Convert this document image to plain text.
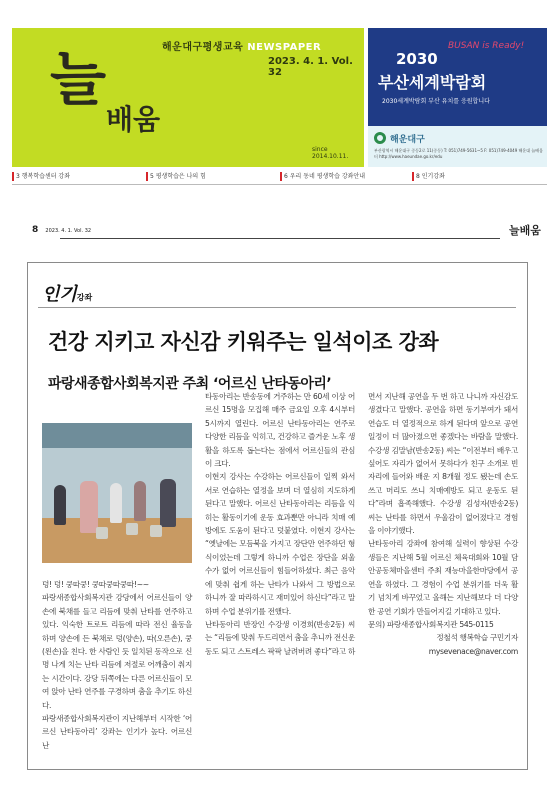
해운대구평생교육 NEWSPAPER
2023. 4. 1. Vol. 32
늘
배움
since 2014.10.11.
2030
BUSAN is Ready!
부산세계박람회
2030세계박람회 부산 유치를 응원합니다
해운대구
부산광역시 해운대구 중동2로 11(중동) T: 051)749-5631~5 F: 051)749-4049 해운대 늘배움터 http://www.haeundae.go.kr/edu
3 행복학습센터 강좌	5 평생학습은 나의 힘	6 우리 동네 평생학습 강좌안내	8 인기강좌
8 2023. 4. 1. Vol. 32	늘배움
인기강좌
건강 지키고 자신감 키워주는 일석이조 강좌
파랑새종합사회복지관 주최 ‘어르신 난타동아리’

덩! 덩! 쿵따쿵! 쿵따쿵따쿵따!~~

파랑새종합사회복지관 강당에서 어르신들이 양손에 북채를 들고 리듬에 맞춰 난타를 연주하고 있다. 익숙한 트로트 리듬에 따라 전신 율동을 하며 양손에 든 북채로 덩(양손), 따(오른손), 쿵(왼손)을 친다. 한 사람인 듯 일치된 동작으로 신명 나게 치는 난타 리듬에 저절로 어깨춤이 춰지는 시간이다. 강당 뒤쪽에는 다른 어르신들이 모여 앉아 난타 연주를 구경하며 춤을 추기도 하신다.

파랑새종합사회복지관이 지난해부터 시작한 ‘어르신 난타동아리’ 강좌는 인기가 높다. 어르신 난

타동아리는 반송동에 거주하는 만 60세 이상 어르신 15명을 모집해 매주 금요일 오후 4시부터 5시까지 열린다. 어르신 난타동아리는 연주로 다양한 리듬을 익히고, 건강하고 즐거운 노후 생활을 하도록 돕는다는 점에서 어르신들의 관심이 크다.

이현지 강사는 수강하는 어르신들이 일찍 와서 서로 연습하는 열정을 보며 더 열심히 지도하게 된다고 말했다. 어르신 난타동아리는 리듬을 익히는 활동이기에 운동 효과뿐만 아니라 치매 예방에도 도움이 된다고 덧붙였다. 이현지 강사는 “옛날에는 모듬북을 가지고 장단만 연주하던 형식이었는데 그렇게 하니까 수업은 장단을 외울 수가 없어 어르신들이 힘들어하셨다. 최근 음악에 맞춰 쉽게 하는 난타가 나와서 그 방법으로 하니까 잘 따라하시고 재미있어 하신다”라고 말하며 수업 분위기를 전했다.

난타동아리 반장인 수강생 이경희(반송2동) 씨는 “리듬에 맞춰 두드리면서 춤을 추니까 전신운동도 되고 스트레스 팍팍 날려버려 좋다”라고 하

면서 지난해 공연을 두 번 하고 나니까 자신감도 생겼다고 말했다. 공연을 하면 동기부여가 돼서 연습도 더 열정적으로 하게 된다며 앞으로 공연 일정이 더 많아졌으면 좋겠다는 바람을 말했다. 수강생 김말남(반송2동) 씨는 “이전부터 배우고 싶어도 자리가 없어서 못하다가 친구 소개로 빈자리에 들어와 배운 지 8개월 정도 됐는데 손도 쓰고 머리도 쓰니 치매예방도 되고 운동도 된다”라며 흡족해했다. 수강생 김성자(반송2동) 씨는 난타를 하면서 우울감이 없어졌다고 경험을 이야기했다.

난타동아리 강좌에 참여해 실력이 향상된 수강생들은 지난해 5월 어르신 체육대회와 10월 담안공동체마을센터 주최 재능마을한마당에서 공연을 하였다. 그 경험이 수업 분위기를 더욱 활기 넘치게 바꾸었고 올해는 지난해보다 더 다양한 공연 기회가 만들어지길 기대하고 있다.

문의) 파랑새종합사회복지관 545-0115

정철석 행복학습 구민기자

mysevenace@naver.com
